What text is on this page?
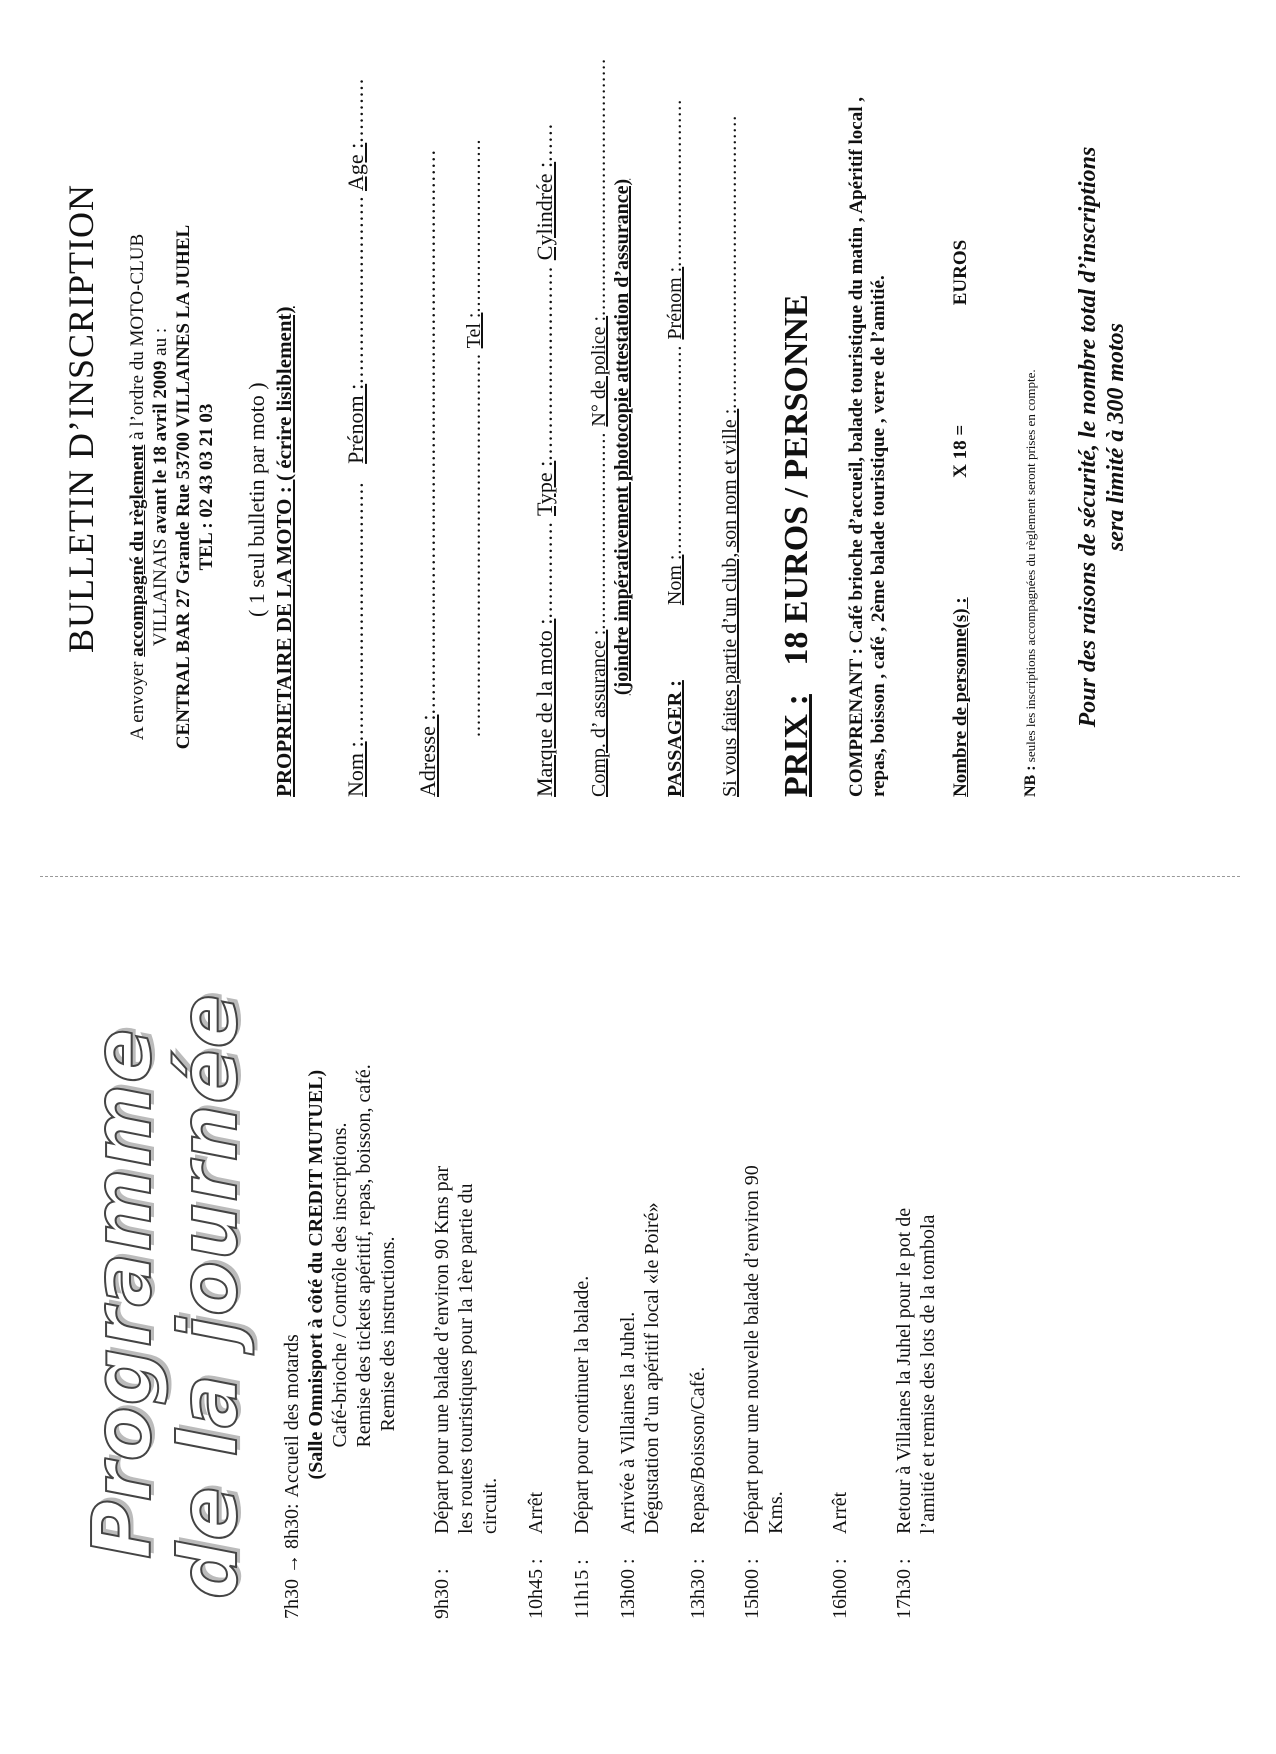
Programme
de la journée 7h30 → 8h30:
Accueil des motards (Salle Omnisport à côté du CREDIT MUTUEL) Café-brioche / Contrôle des inscriptions. Remise des tickets apéritif, repas, boisson, café. Remise des instructions.
9h30 :
Départ pour une balade d’environ 90 Kms par les routes touristiques pour la 1ère partie du circuit.
10h45 :
Arrêt
11h15 :
Départ pour continuer la balade.
13h00 :
Arrivée à Villaines la Juhel. Dégustation d’un apéritif local «le Poiré»
13h30 :
Repas/Boisson/Café.
15h00 :
Départ pour une nouvelle balade d’environ 90 Kms.
16h00 :
Arrêt
17h30 :
Retour à Villaines la Juhel pour le pot de l’amitié et remise des lots de la tombola
BULLETIN D’INSCRIPTION
A envoyer accompagné du règlement à l’ordre du MOTO-CLUB
VILLAINAIS avant le 18 avril 2009 au : CENTRAL BAR 27 Grande Rue 53700 VILLAINES LA JUHEL TEL : 02 43 03 21 03 ( 1 seul bulletin par moto ) PROPRIETAIRE DE LA MOTO : ( écrire lisiblement) Nom :........................................ Prénom :............................. Age :..........
Adresse :....................................................................................... ................................................................ Tel :.............................
Marque de la moto :............... Type :.............................. Cylindrée :......
Comp. d’ assurance :................................. N° de police :........................................... (joindre impérativement photocopie attestation d’assurance)
PASSAGER : Nom :................................... Prénom :............................
Si vous faites partie d’un club, son nom et ville :.................................................
PRIX : 18 EUROS / PERSONNE
COMPRENANT : Café brioche d’accueil, balade touristique du matin , Apéritif local , repas, boisson , café , 2ème balade touristique , verre de l’amitié.	Nombre de personne(s) :  X 18 =  EUROS
NB : seules les inscriptions accompagnées du règlement seront prises en compte. Pour des raisons de sécurité, le nombre total d’inscriptions sera limité à 300 motos
